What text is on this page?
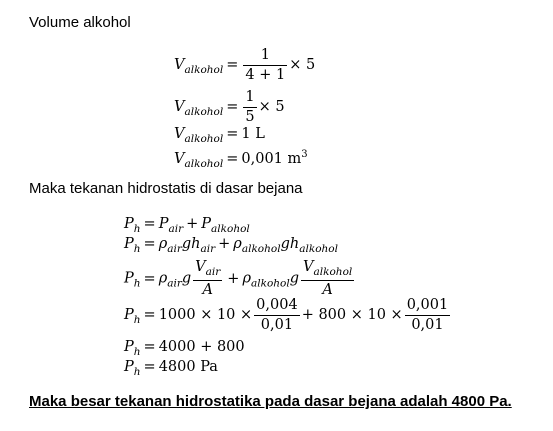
Volume alkohol
$V_{alkohol} = \frac{1}{4 + 1} \times 5$
$V_{alkohol} = \frac{1}{5} \times 5$
$V_{alkohol} = 1$ L
$V_{alkohol} = 0,001$ $m^3$
Maka tekanan hidrostatis di dasar bejana
$P_h = P_{air} + P_{alkohol}$
$P_h = \rho_{air}gh_{air} + \rho_{alkohol}gh_{alkohol}$
$P_h = \rho_{air}g \frac{V_{air}}{A} + \rho_{alkohol}g \frac{V_{alkohol}}{A}$
$P_h = 1000 \times 10 \times \frac{0,004}{0,01} + 800 \times 10 \times \frac{0,001}{0,01}$
$P_h = 4000 + 800$
$P_h = 4800$ Pa
Maka besar tekanan hidrostatika pada dasar bejana adalah 4800 Pa.
